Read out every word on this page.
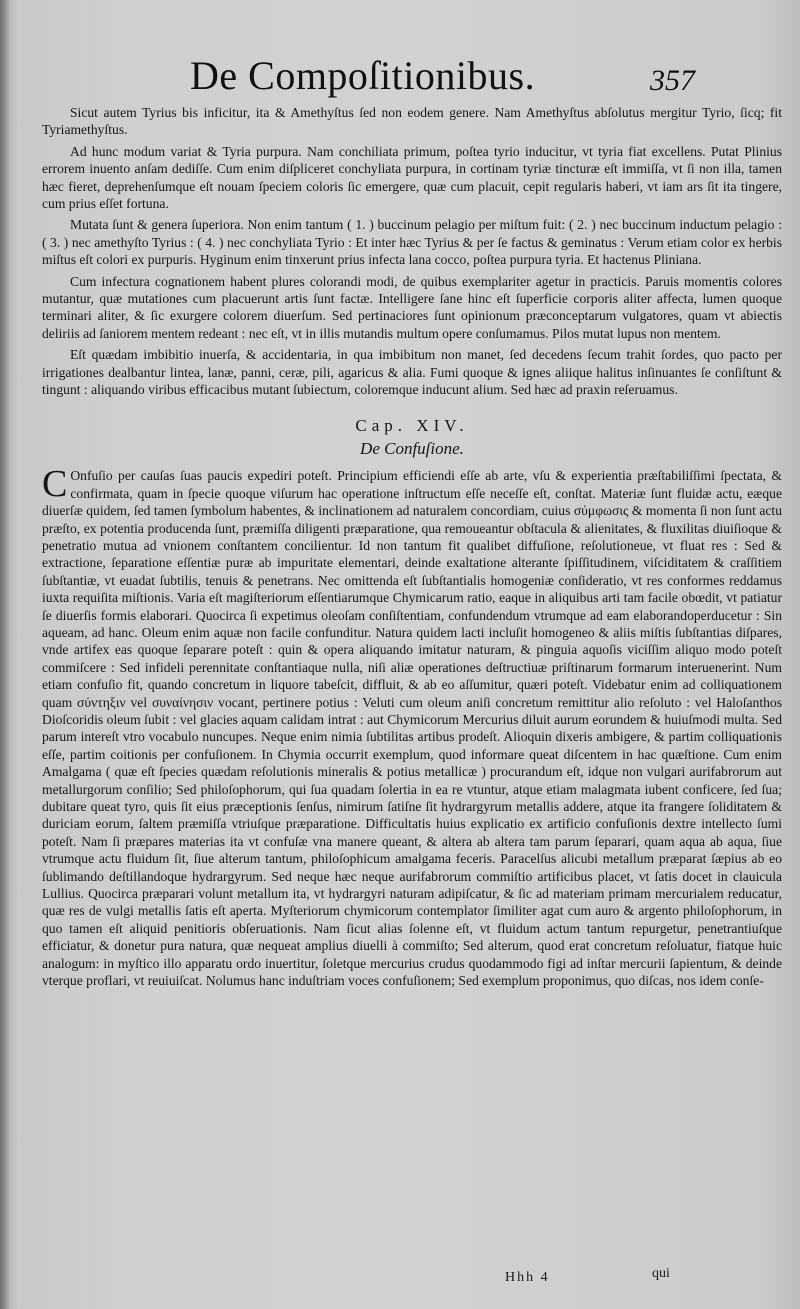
De Compoſitionibus.	357

Sicut autem Tyrius bis inficitur, ita & Amethyſtus ſed non eodem genere. Nam Amethyſtus abſolutus mergitur Tyrio, ſicq; fit Tyriamethyſtus.

Ad hunc modum variat & Tyria purpura. Nam conchiliata primum, poſtea tyrio inducitur, vt tyria fiat excellens. Putat Plinius errorem inuento anſam dediſſe. Cum enim diſpliceret conchyliata purpura, in cortinam tyriæ tincturæ eſt immiſſa, vt ſi non illa, tamen hæc fieret, deprehenſumque eſt nouam ſpeciem coloris ſic emergere, quæ cum placuit, cepit regularis haberi, vt iam ars ſit ita tingere, cum prius eſſet fortuna.

Mutata ſunt & genera ſuperiora. Non enim tantum ( 1. ) buccinum pelagio per miſtum fuit: ( 2. ) nec buccinum inductum pelagio : ( 3. ) nec amethyſto Tyrius : ( 4. ) nec conchyliata Tyrio : Et inter hæc Tyrius & per ſe factus & geminatus : Verum etiam color ex herbis miſtus eſt colori ex purpuris. Hyginum enim tinxerunt prius infecta lana cocco, poſtea purpura tyria. Et hactenus Pliniana.

Cum infectura cognationem habent plures colorandi modi, de quibus exemplariter agetur in practicis. Paruis momentis colores mutantur, quæ mutationes cum placuerunt artis ſunt factæ. Intelligere ſane hinc eſt ſuperficie corporis aliter affecta, lumen quoque terminari aliter, & ſic exurgere colorem diuerſum. Sed pertinaciores ſunt opinionum præconceptarum vulgatores, quam vt abiectis deliriis ad ſaniorem mentem redeant : nec eſt, vt in illis mutandis multum opere conſumamus. Pilos mutat lupus non mentem.

Eſt quædam imbibitio inuerſa, & accidentaria, in qua imbibitum non manet, ſed decedens ſecum trahit ſordes, quo pacto per irrigationes dealbantur lintea, lanæ, panni, ceræ, pili, agaricus & alia. Fumi quoque & ignes aliique halitus inſinuantes ſe conſiſtunt & tingunt : aliquando viribus efficacibus mutant ſubiectum, coloremque inducunt alium. Sed hæc ad praxin reſeruamus.

Cap. XIV.
De Confuſione.

C Onfuſio per cauſas ſuas paucis expediri poteſt. Principium efficiendi eſſe ab arte, vſu & experientia præſtabiliſſimi ſpectata, & confirmata, quam in ſpecie quoque viſurum hac operatione inſtructum eſſe neceſſe eſt, conſtat. Materiæ ſunt fluidæ actu, eæque diuerſæ quidem, ſed tamen ſymbolum habentes, & inclinationem ad naturalem concordiam, cuius σύμφωσις & momenta ſi non ſunt actu præſto, ex potentia producenda ſunt, præmiſſa diligenti præparatione, qua remoueantur obſtacula & alienitates, & fluxilitas diuiſioque & penetratio mutua ad vnionem conſtantem concilientur. Id non tantum fit qualibet diffuſione, reſolutioneue, vt fluat res : Sed & extractione, ſeparatione eſſentiæ puræ ab impuritate elementari, deinde exaltatione alterante ſpiſſitudinem, viſciditatem & craſſitiem ſubſtantiæ, vt euadat ſubtilis, tenuis & penetrans. Nec omittenda eſt ſubſtantialis homogeniæ conſideratio, vt res conformes reddamus iuxta requiſita miſtionis. Varia eſt magiſteriorum eſſentiarumque Chymicarum ratio, eaque in aliquibus arti tam facile obœdit, vt patiatur ſe diuerſis formis elaborari. Quocirca ſi expetimus oleoſam conſiſtentiam, confundendum vtrumque ad eam elaborandoperducetur : Sin aqueam, ad hanc. Oleum enim aquæ non facile confunditur. Natura quidem lacti incluſit homogeneo & aliis miſtis ſubſtantias diſpares, vnde artifex eas quoque ſeparare poteſt : quin & opera aliquando imitatur naturam, & pinguia aquoſis viciſſim aliquo modo poteſt commiſcere : Sed infideli perennitate conſtantiaque nulla, niſi aliæ operationes deſtructiuæ priſtinarum formarum interuenerint. Num etiam confuſio fit, quando concretum in liquore tabeſcit, diffluit, & ab eo aſſumitur, quæri poteſt. Videbatur enim ad colliquationem quam σύντηξιν vel συναίνησιν vocant, pertinere potius : Veluti cum oleum aniſi concretum remittitur alio reſoluto : vel Haloſanthos Dioſcoridis oleum ſubit : vel glacies aquam calidam intrat : aut Chymicorum Mercurius diluit aurum eorundem & huiuſmodi multa. Sed parum intereſt vtro vocabulo nuncupes. Neque enim nimia ſubtilitas artibus prodeſt. Alioquin dixeris ambigere, & partim colliquationis eſſe, partim coitionis per confuſionem. In Chymia occurrit exemplum, quod informare queat diſcentem in hac quæſtione. Cum enim Amalgama ( quæ eſt ſpecies quædam reſolutionis mineralis & potius metallicæ ) procurandum eſt, idque non vulgari aurifabrorum aut metallurgorum conſilio; Sed philoſophorum, qui ſua quadam ſolertia in ea re vtuntur, atque etiam malagmata iubent conficere, ſed ſua; dubitare queat tyro, quis ſit eius præceptionis ſenſus, nimirum ſatiſne ſit hydrargyrum metallis addere, atque ita frangere ſoliditatem & duriciam eorum, ſaltem præmiſſa vtriuſque præparatione. Difficultatis huius explicatio ex artificio confuſionis dextre intellecto ſumi poteſt. Nam ſi præpares materias ita vt confuſæ vna manere queant, & altera ab altera tam parum ſeparari, quam aqua ab aqua, ſiue vtrumque actu fluidum ſit, ſiue alterum tantum, philoſophicum amalgama feceris. Paracelſus alicubi metallum præparat ſæpius ab eo ſublimando deſtillandoque hydrargyrum. Sed neque hæc neque aurifabrorum commiſtio artificibus placet, vt ſatis docet in clauicula Lullius. Quocirca præparari volunt metallum ita, vt hydrargyri naturam adipiſcatur, & ſic ad materiam primam mercurialem reducatur, quæ res de vulgi metallis ſatis eſt aperta. Myſteriorum chymicorum contemplator ſimiliter agat cum auro & argento philoſophorum, in quo tamen eſt aliquid penitioris obſeruationis. Nam ſicut alias ſolenne eſt, vt fluidum actum tantum repurgetur, penetrantiuſque efficiatur, & donetur pura natura, quæ nequeat amplius diuelli à commiſto; Sed alterum, quod erat concretum reſoluatur, fiatque huic analogum: in myſtico illo apparatu ordo inuertitur, ſoletque mercurius crudus quodammodo figi ad inſtar mercurii ſapientum, & deinde vterque proflari, vt reuiuiſcat. Nolumus hanc induſtriam voces confuſionem; Sed exemplum proponimus, quo diſcas, nos idem conſe-

Hhh 4	qui
